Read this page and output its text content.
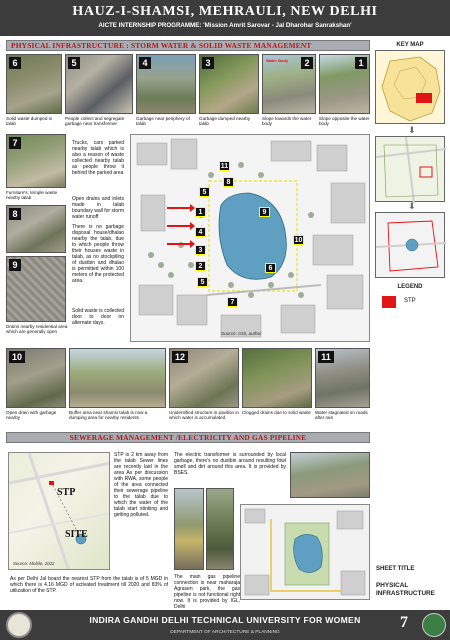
HAUZ-I-SHAMSI, MEHRAULI, NEW DELHI
AICTE INTERNSHIP PROGRAMME: 'Mission Amrit Sarovar - Jal Dharohar Sanrakshan'
PHYSICAL INFRASTRUCTURE : STORM WATER & SOLID WASTE MANAGEMENT
6
Solid waste dumped in talab
5
People collect and segregate garbage near transformer
4
Garbage near periphery of talab
3
Garbage dumped nearby talab
2
Water Body
Slope towards the water body
1
Slope opposite the water body
7
Furniture's, temple waste nearby talab
8
9
Drains nearby residential area which are generally open
Trucks, cars parked nearby talab which is also a reason of waste collected nearby talab as people throw it behind the parked area
Open drains and inlets made in talab boundary wall for storm water runoff
There is no garbage disposal house/dhalao nearby the talab, due to which people throw their houses waste in talab, as no stockpiling of dustbin and dhalao is permitted within 100 meters of the protected area.
Solid waste is collected door to door on alternate days.
11
8
5
1
4
3
2
5
9
10
6
7
Source: GIS, author
10
Open drain with garbage nearby
Buffer area near shamsi talab is now a dumping area for nearby residents
12
Unidentified structure in pavilion in which water is accumulated
Clogged drains due to solid waste
11
Water stagnated on roads after rain
SEWERAGE MANAGEMENT /ELECTRICITY AND GAS PIPELINE
STP
SITE
Source: Mobile, 2022
STP is 2 km away from the talab Sewer lines are recently laid in the area As per discussion with RWA, some people of the area connected their sewerage pipeline to the talab due to which the water of the talab start stinking and getting polluted.
As per Delhi Jal board the nearest STP from the talab is of 5 MGD in which there is 4.16 MGD of activated treatment till 2020 and 83% of utilization of the STP.
The electric transformer is surrounded by local garbage, there's no dustbin around resulting fowl smell and dirt around this area. It is provided by BSES.
The main gas pipeline connection is near maharaja Agrasen park, the gas pipeline is not functional right now. It is provided by IGL, Delhi
KEY MAP
⬇
⬇
LEGEND
STP
SHEET TITLE
PHYSICAL INFRASTRUCTURE
INDIRA GANDHI DELHI TECHNICAL UNIVERSITY FOR WOMEN
DEPARTMENT OF ARCHITECTURE & PLANNING
7
